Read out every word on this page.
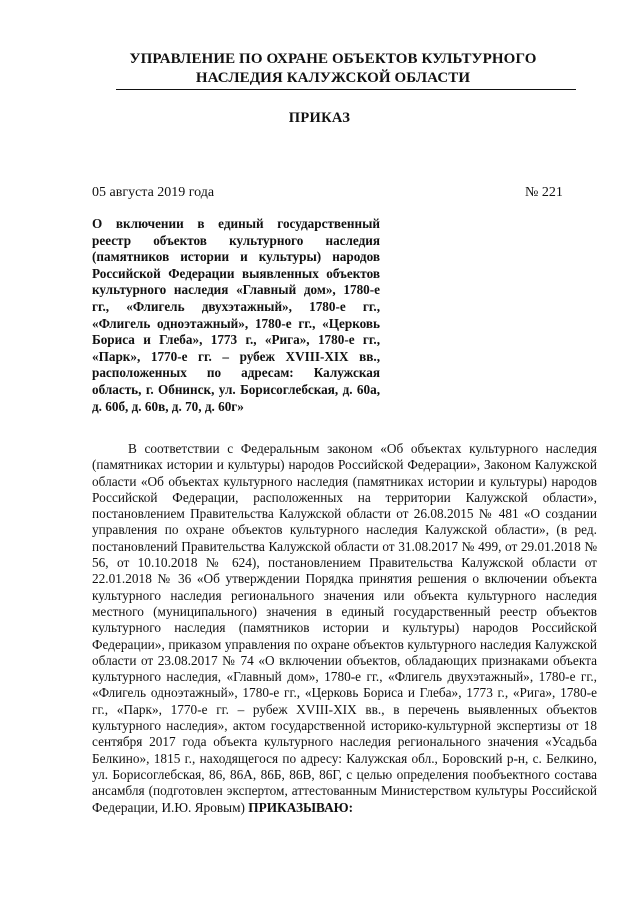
УПРАВЛЕНИЕ ПО ОХРАНЕ ОБЪЕКТОВ КУЛЬТУРНОГО НАСЛЕДИЯ КАЛУЖСКОЙ ОБЛАСТИ
ПРИКАЗ
05 августа 2019 года	№ 221
О включении в единый государственный реестр объектов культурного наследия (памятников истории и культуры) народов Российской Федерации выявленных объектов культурного наследия «Главный дом», 1780-е гг., «Флигель двухэтажный», 1780-е гг., «Флигель одноэтажный», 1780-е гг., «Церковь Бориса и Глеба», 1773 г., «Рига», 1780-е гг., «Парк», 1770-е гг. – рубеж XVIII-XIX вв., расположенных по адресам: Калужская область, г. Обнинск, ул. Борисоглебская, д. 60а, д. 60б, д. 60в, д. 70, д. 60г»
В соответствии с Федеральным законом «Об объектах культурного наследия (памятниках истории и культуры) народов Российской Федерации», Законом Калужской области «Об объектах культурного наследия (памятниках истории и культуры) народов Российской Федерации, расположенных на территории Калужской области», постановлением Правительства Калужской области от 26.08.2015 № 481 «О создании управления по охране объектов культурного наследия Калужской области», (в ред. постановлений Правительства Калужской области от 31.08.2017 № 499, от 29.01.2018 № 56, от 10.10.2018 № 624), постановлением Правительства Калужской области от 22.01.2018 № 36 «Об утверждении Порядка принятия решения о включении объекта культурного наследия регионального значения или объекта культурного наследия местного (муниципального) значения в единый государственный реестр объектов культурного наследия (памятников истории и культуры) народов Российской Федерации», приказом управления по охране объектов культурного наследия Калужской области от 23.08.2017 № 74 «О включении объектов, обладающих признаками объекта культурного наследия, «Главный дом», 1780-е гг., «Флигель двухэтажный», 1780-е гг., «Флигель одноэтажный», 1780-е гг., «Церковь Бориса и Глеба», 1773 г., «Рига», 1780-е гг., «Парк», 1770-е гг. – рубеж XVIII-XIX вв., в перечень выявленных объектов культурного наследия», актом государственной историко-культурной экспертизы от 18 сентября 2017 года объекта культурного наследия регионального значения «Усадьба Белкино», 1815 г., находящегося по адресу: Калужская обл., Боровский р-н, с. Белкино, ул. Борисоглебская, 86, 86А, 86Б, 86В, 86Г, с целью определения пообъектного состава ансамбля (подготовлен экспертом, аттестованным Министерством культуры Российской Федерации, И.Ю. Яровым) ПРИКАЗЫВАЮ:
